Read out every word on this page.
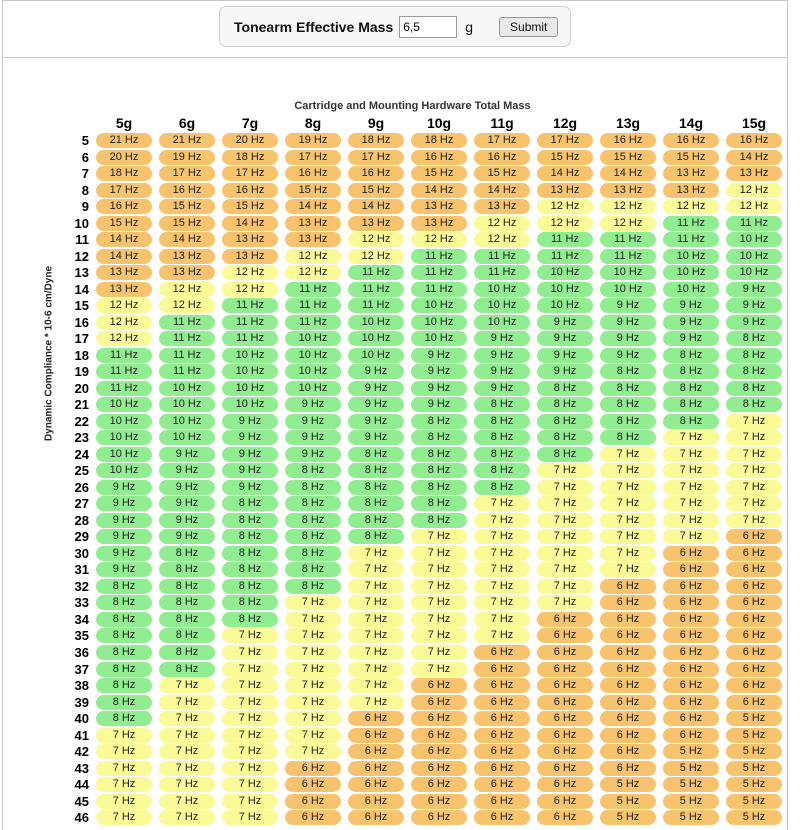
Tonearm Effective Mass
6,5	g	Submit
Dynamic Compliance * 10-6 cm/Dyne
Cartridge and Mounting Hardware Total Mass
5g	6g	7g	8g	9g	10g	11g	12g	13g	14g	15g
5	21 Hz	21 Hz	20 Hz	19 Hz	18 Hz	18 Hz	17 Hz	17 Hz	16 Hz	16 Hz	16 Hz
6	20 Hz	19 Hz	18 Hz	17 Hz	17 Hz	16 Hz	16 Hz	15 Hz	15 Hz	15 Hz	14 Hz
7	18 Hz	17 Hz	17 Hz	16 Hz	16 Hz	15 Hz	15 Hz	14 Hz	14 Hz	13 Hz	13 Hz
8	17 Hz	16 Hz	16 Hz	15 Hz	15 Hz	14 Hz	14 Hz	13 Hz	13 Hz	13 Hz	12 Hz
9	16 Hz	15 Hz	15 Hz	14 Hz	14 Hz	13 Hz	13 Hz	12 Hz	12 Hz	12 Hz	12 Hz
10	15 Hz	15 Hz	14 Hz	13 Hz	13 Hz	13 Hz	12 Hz	12 Hz	12 Hz	11 Hz	11 Hz
11	14 Hz	14 Hz	13 Hz	13 Hz	12 Hz	12 Hz	12 Hz	11 Hz	11 Hz	11 Hz	10 Hz
12	14 Hz	13 Hz	13 Hz	12 Hz	12 Hz	11 Hz	11 Hz	11 Hz	11 Hz	10 Hz	10 Hz
13	13 Hz	13 Hz	12 Hz	12 Hz	11 Hz	11 Hz	11 Hz	10 Hz	10 Hz	10 Hz	10 Hz
14	13 Hz	12 Hz	12 Hz	11 Hz	11 Hz	11 Hz	10 Hz	10 Hz	10 Hz	10 Hz	9 Hz
15	12 Hz	12 Hz	11 Hz	11 Hz	11 Hz	10 Hz	10 Hz	10 Hz	9 Hz	9 Hz	9 Hz
16	12 Hz	11 Hz	11 Hz	11 Hz	10 Hz	10 Hz	10 Hz	9 Hz	9 Hz	9 Hz	9 Hz
17	12 Hz	11 Hz	11 Hz	10 Hz	10 Hz	10 Hz	9 Hz	9 Hz	9 Hz	9 Hz	8 Hz
18	11 Hz	11 Hz	10 Hz	10 Hz	10 Hz	9 Hz	9 Hz	9 Hz	9 Hz	8 Hz	8 Hz
19	11 Hz	11 Hz	10 Hz	10 Hz	9 Hz	9 Hz	9 Hz	9 Hz	8 Hz	8 Hz	8 Hz
20	11 Hz	10 Hz	10 Hz	10 Hz	9 Hz	9 Hz	9 Hz	8 Hz	8 Hz	8 Hz	8 Hz
21	10 Hz	10 Hz	10 Hz	9 Hz	9 Hz	9 Hz	8 Hz	8 Hz	8 Hz	8 Hz	8 Hz
22	10 Hz	10 Hz	9 Hz	9 Hz	9 Hz	8 Hz	8 Hz	8 Hz	8 Hz	8 Hz	7 Hz
23	10 Hz	10 Hz	9 Hz	9 Hz	9 Hz	8 Hz	8 Hz	8 Hz	8 Hz	7 Hz	7 Hz
24	10 Hz	9 Hz	9 Hz	9 Hz	8 Hz	8 Hz	8 Hz	8 Hz	7 Hz	7 Hz	7 Hz
25	10 Hz	9 Hz	9 Hz	8 Hz	8 Hz	8 Hz	8 Hz	7 Hz	7 Hz	7 Hz	7 Hz
26	9 Hz	9 Hz	9 Hz	8 Hz	8 Hz	8 Hz	8 Hz	7 Hz	7 Hz	7 Hz	7 Hz
27	9 Hz	9 Hz	8 Hz	8 Hz	8 Hz	8 Hz	7 Hz	7 Hz	7 Hz	7 Hz	7 Hz
28	9 Hz	9 Hz	8 Hz	8 Hz	8 Hz	8 Hz	7 Hz	7 Hz	7 Hz	7 Hz	7 Hz
29	9 Hz	9 Hz	8 Hz	8 Hz	8 Hz	7 Hz	7 Hz	7 Hz	7 Hz	7 Hz	6 Hz
30	9 Hz	8 Hz	8 Hz	8 Hz	7 Hz	7 Hz	7 Hz	7 Hz	7 Hz	6 Hz	6 Hz
31	9 Hz	8 Hz	8 Hz	8 Hz	7 Hz	7 Hz	7 Hz	7 Hz	7 Hz	6 Hz	6 Hz
32	8 Hz	8 Hz	8 Hz	8 Hz	7 Hz	7 Hz	7 Hz	7 Hz	6 Hz	6 Hz	6 Hz
33	8 Hz	8 Hz	8 Hz	7 Hz	7 Hz	7 Hz	7 Hz	7 Hz	6 Hz	6 Hz	6 Hz
34	8 Hz	8 Hz	8 Hz	7 Hz	7 Hz	7 Hz	7 Hz	6 Hz	6 Hz	6 Hz	6 Hz
35	8 Hz	8 Hz	7 Hz	7 Hz	7 Hz	7 Hz	7 Hz	6 Hz	6 Hz	6 Hz	6 Hz
36	8 Hz	8 Hz	7 Hz	7 Hz	7 Hz	7 Hz	6 Hz	6 Hz	6 Hz	6 Hz	6 Hz
37	8 Hz	8 Hz	7 Hz	7 Hz	7 Hz	7 Hz	6 Hz	6 Hz	6 Hz	6 Hz	6 Hz
38	8 Hz	7 Hz	7 Hz	7 Hz	7 Hz	6 Hz	6 Hz	6 Hz	6 Hz	6 Hz	6 Hz
39	8 Hz	7 Hz	7 Hz	7 Hz	7 Hz	6 Hz	6 Hz	6 Hz	6 Hz	6 Hz	6 Hz
40	8 Hz	7 Hz	7 Hz	7 Hz	6 Hz	6 Hz	6 Hz	6 Hz	6 Hz	6 Hz	5 Hz
41	7 Hz	7 Hz	7 Hz	7 Hz	6 Hz	6 Hz	6 Hz	6 Hz	6 Hz	6 Hz	5 Hz
42	7 Hz	7 Hz	7 Hz	7 Hz	6 Hz	6 Hz	6 Hz	6 Hz	6 Hz	5 Hz	5 Hz
43	7 Hz	7 Hz	7 Hz	6 Hz	6 Hz	6 Hz	6 Hz	6 Hz	6 Hz	5 Hz	5 Hz
44	7 Hz	7 Hz	7 Hz	6 Hz	6 Hz	6 Hz	6 Hz	6 Hz	5 Hz	5 Hz	5 Hz
45	7 Hz	7 Hz	7 Hz	6 Hz	6 Hz	6 Hz	6 Hz	6 Hz	5 Hz	5 Hz	5 Hz
46	7 Hz	7 Hz	7 Hz	6 Hz	6 Hz	6 Hz	6 Hz	6 Hz	5 Hz	5 Hz	5 Hz
